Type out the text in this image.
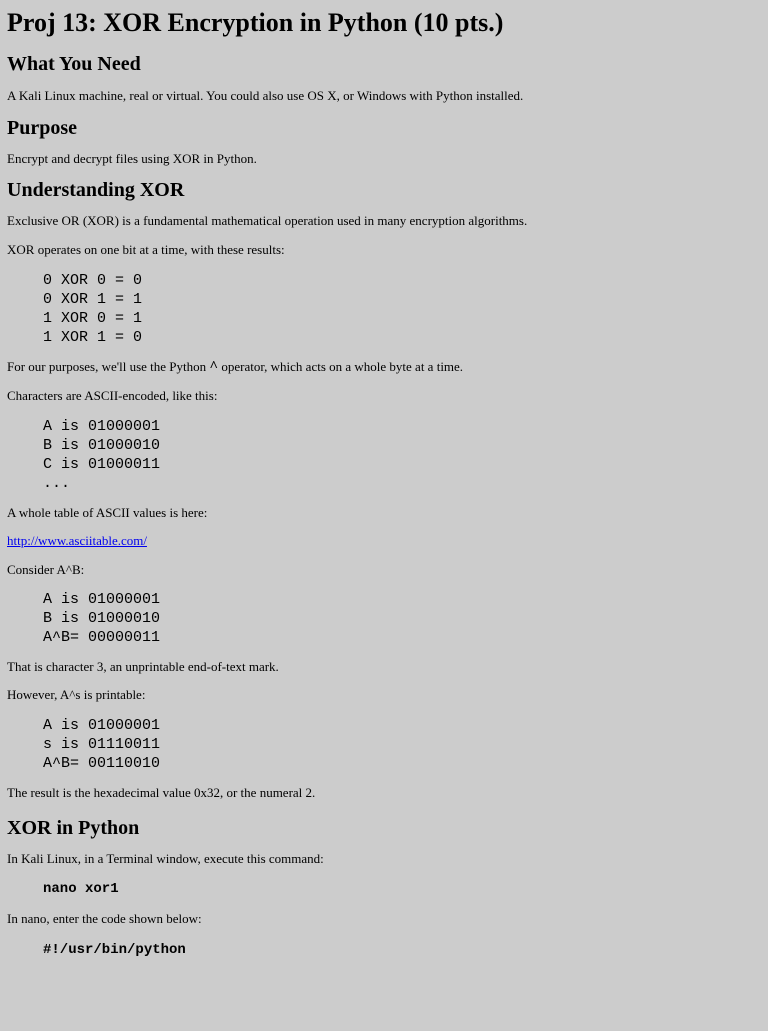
Proj 13: XOR Encryption in Python (10 pts.)
What You Need

A Kali Linux machine, real or virtual. You could also use OS X, or Windows with Python installed.

Purpose

Encrypt and decrypt files using XOR in Python.

Understanding XOR

Exclusive OR (XOR) is a fundamental mathematical operation used in many encryption algorithms.

XOR operates on one bit at a time, with these results:

0 XOR 0 = 0
0 XOR 1 = 1
1 XOR 0 = 1
1 XOR 1 = 0

For our purposes, we'll use the Python ^ operator, which acts on a whole byte at a time.

Characters are ASCII-encoded, like this:

A is 01000001
B is 01000010
C is 01000011
...

A whole table of ASCII values is here:

http://www.asciitable.com/

Consider A^B:

A is 01000001
B is 01000010
A^B= 00000011

That is character 3, an unprintable end-of-text mark.

However, A^s is printable:

A is 01000001
s is 01110011
A^B= 00110010

The result is the hexadecimal value 0x32, or the numeral 2.

XOR in Python

In Kali Linux, in a Terminal window, execute this command:

nano xor1

In nano, enter the code shown below:

#!/usr/bin/python
